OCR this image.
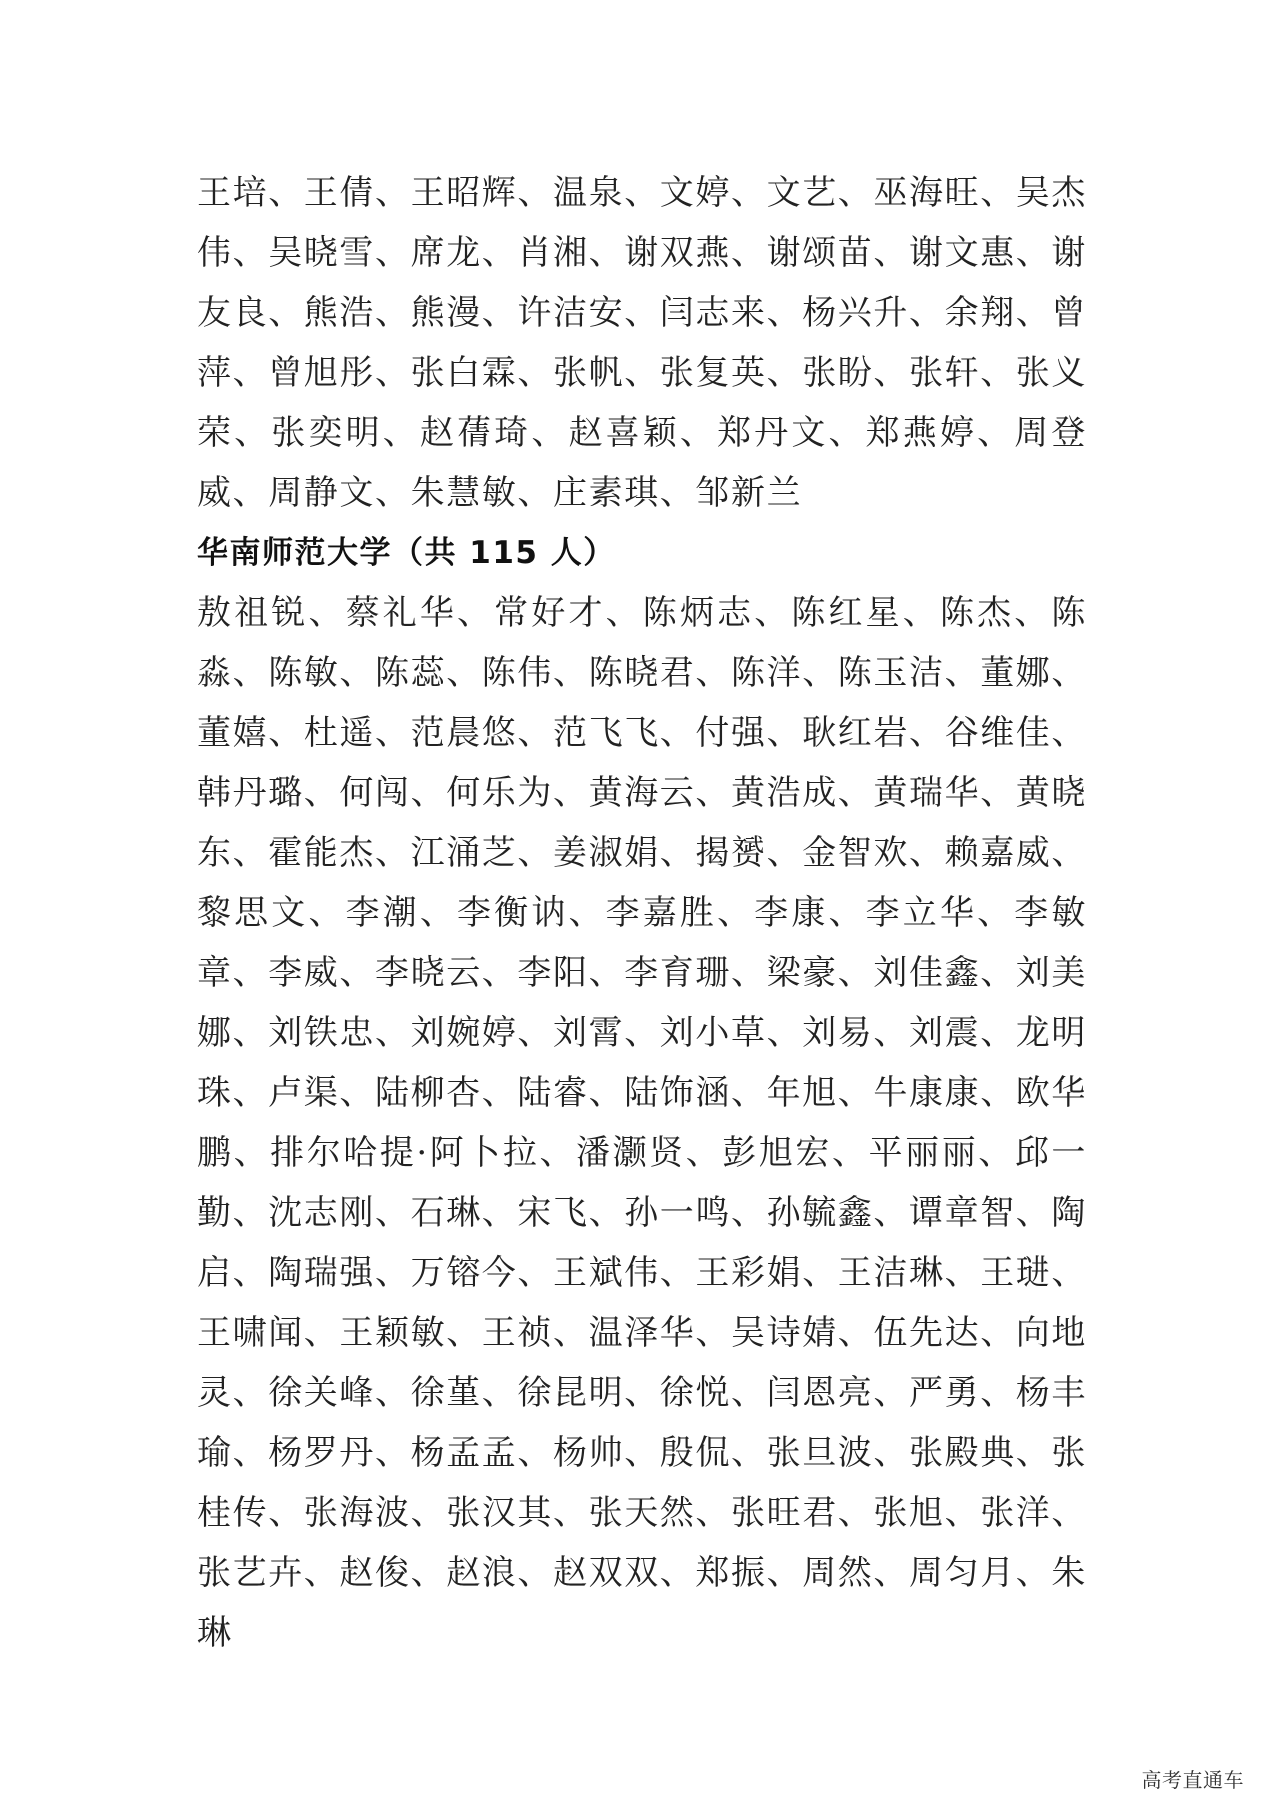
王培、王倩、王昭辉、温泉、文婷、文艺、巫海旺、吴杰伟、吴晓雪、席龙、肖湘、谢双燕、谢颂苗、谢文惠、谢友良、熊浩、熊漫、许洁安、闫志来、杨兴升、余翔、曾萍、曾旭彤、张白霖、张帆、张复英、张盼、张轩、张义荣、张奕明、赵蒨琦、赵喜颖、郑丹文、郑燕婷、周登威、周静文、朱慧敏、庄素琪、邹新兰

华南师范大学（共 115 人）

敖祖锐、蔡礼华、常好才、陈炳志、陈红星、陈杰、陈淼、陈敏、陈蕊、陈伟、陈晓君、陈洋、陈玉洁、董娜、董嬉、杜遥、范晨悠、范飞飞、付强、耿红岩、谷维佳、韩丹璐、何闯、何乐为、黄海云、黄浩成、黄瑞华、黄晓东、霍能杰、江涌芝、姜淑娟、揭赟、金智欢、赖嘉威、黎思文、李潮、李衡讷、李嘉胜、李康、李立华、李敏章、李威、李晓云、李阳、李育珊、梁豪、刘佳鑫、刘美娜、刘铁忠、刘婉婷、刘霄、刘小草、刘易、刘震、龙明珠、卢渠、陆柳杏、陆睿、陆饰涵、年旭、牛康康、欧华鹏、排尔哈提·阿卜拉、潘灏贤、彭旭宏、平丽丽、邱一勤、沈志刚、石琳、宋飞、孙一鸣、孙毓鑫、谭章智、陶启、陶瑞强、万镕今、王斌伟、王彩娟、王洁琳、王琎、王啸闻、王颖敏、王祯、温泽华、吴诗婧、伍先达、向地灵、徐关峰、徐堇、徐昆明、徐悦、闫恩亮、严勇、杨丰瑜、杨罗丹、杨孟孟、杨帅、殷侃、张旦波、张殿典、张桂传、张海波、张汉其、张天然、张旺君、张旭、张洋、张艺卉、赵俊、赵浪、赵双双、郑振、周然、周匀月、朱琳

高考直通车
